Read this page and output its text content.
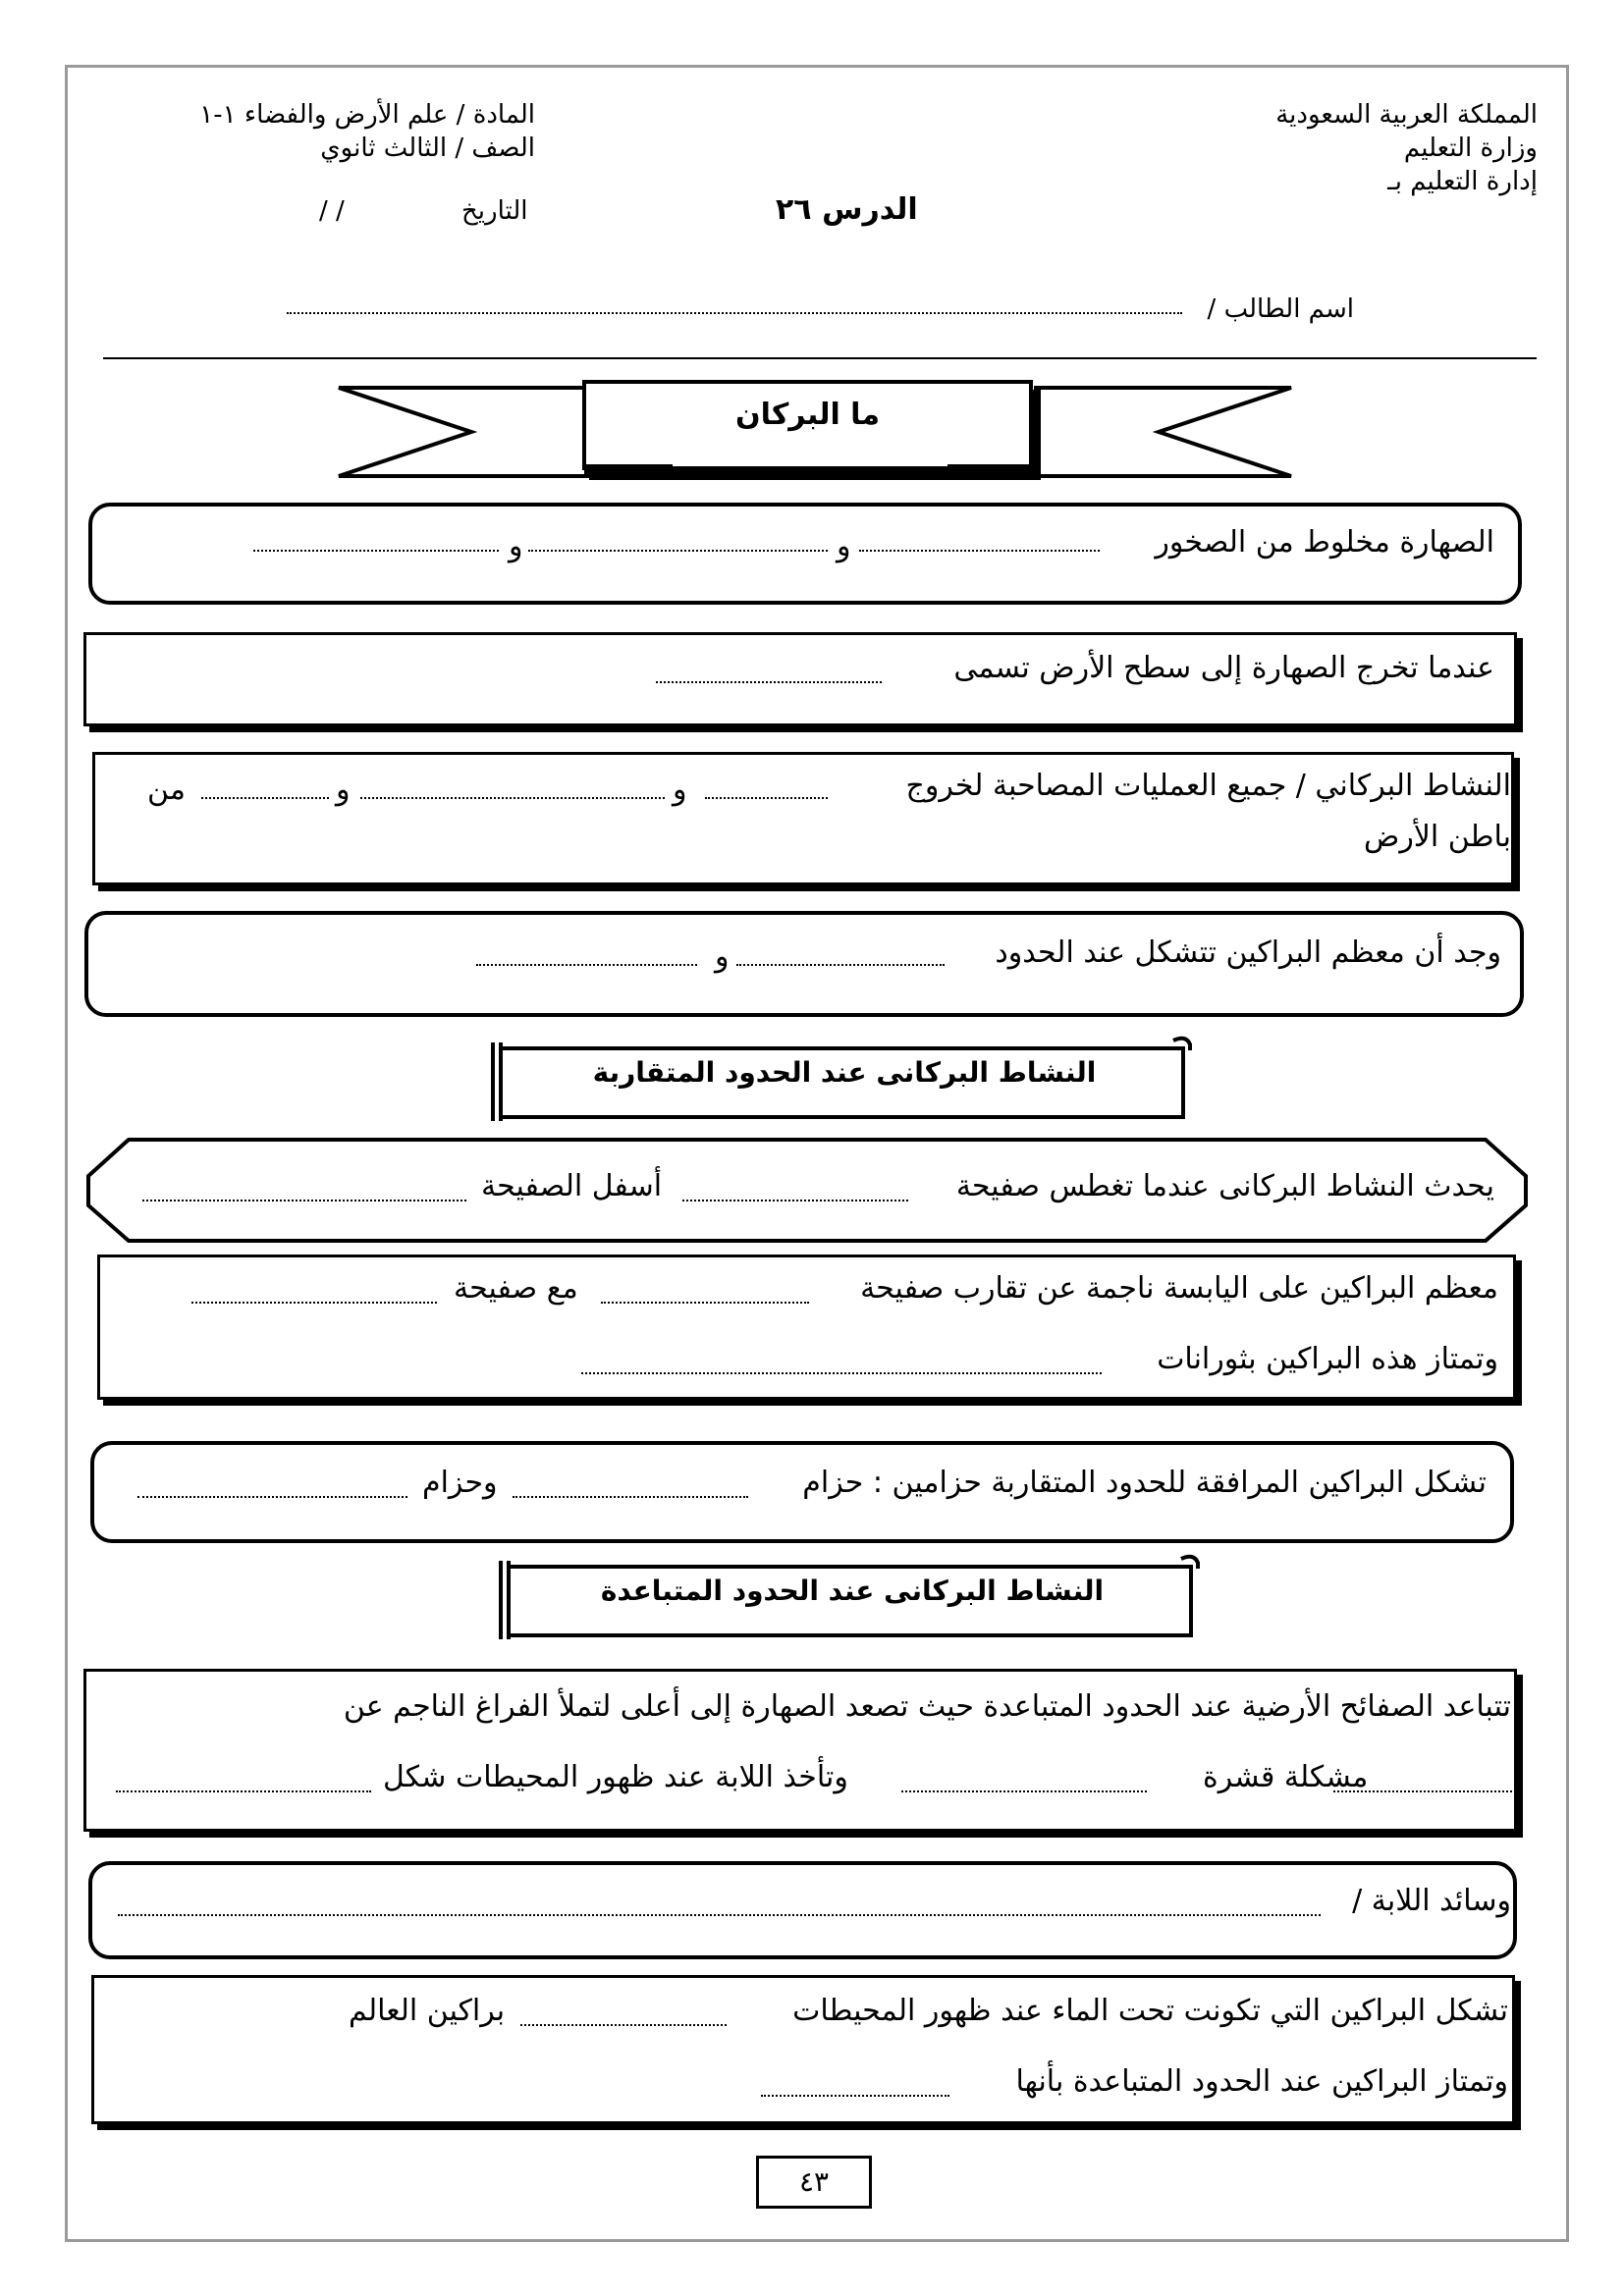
المملكة العربية السعودية
وزارة التعليم
إدارة التعليم بـ
الدرس ٢٦
المادة / علم الأرض والفضاء ١-١
الصف / الثالث ثانوي
التاريخ
/ /
اسم الطالب /
ما البركان
الصهارة مخلوط من الصخور
و
و
عندما تخرج الصهارة إلى سطح الأرض تسمى
النشاط البركاني / جميع العمليات المصاحبة لخروج
و
و
من
باطن الأرض
وجد أن معظم البراكين تتشكل عند الحدود
و
النشاط البركانى عند الحدود المتقاربة
يحدث النشاط البركانى عندما تغطس صفيحة
أسفل الصفيحة
معظم البراكين على اليابسة ناجمة عن تقارب صفيحة
مع صفيحة
وتمتاز هذه البراكين بثورانات
تشكل البراكين المرافقة للحدود المتقاربة حزامين : حزام
وحزام
النشاط البركانى عند الحدود المتباعدة
تتباعد الصفائح الأرضية عند الحدود المتباعدة حيث تصعد الصهارة إلى أعلى لتملأ الفراغ الناجم عن
مشكلة قشرة
وتأخذ اللابة عند ظهور المحيطات شكل
وسائد اللابة /
تشكل البراكين التي تكونت تحت الماء عند ظهور المحيطات
براكين العالم
وتمتاز البراكين عند الحدود المتباعدة بأنها
٤٣
